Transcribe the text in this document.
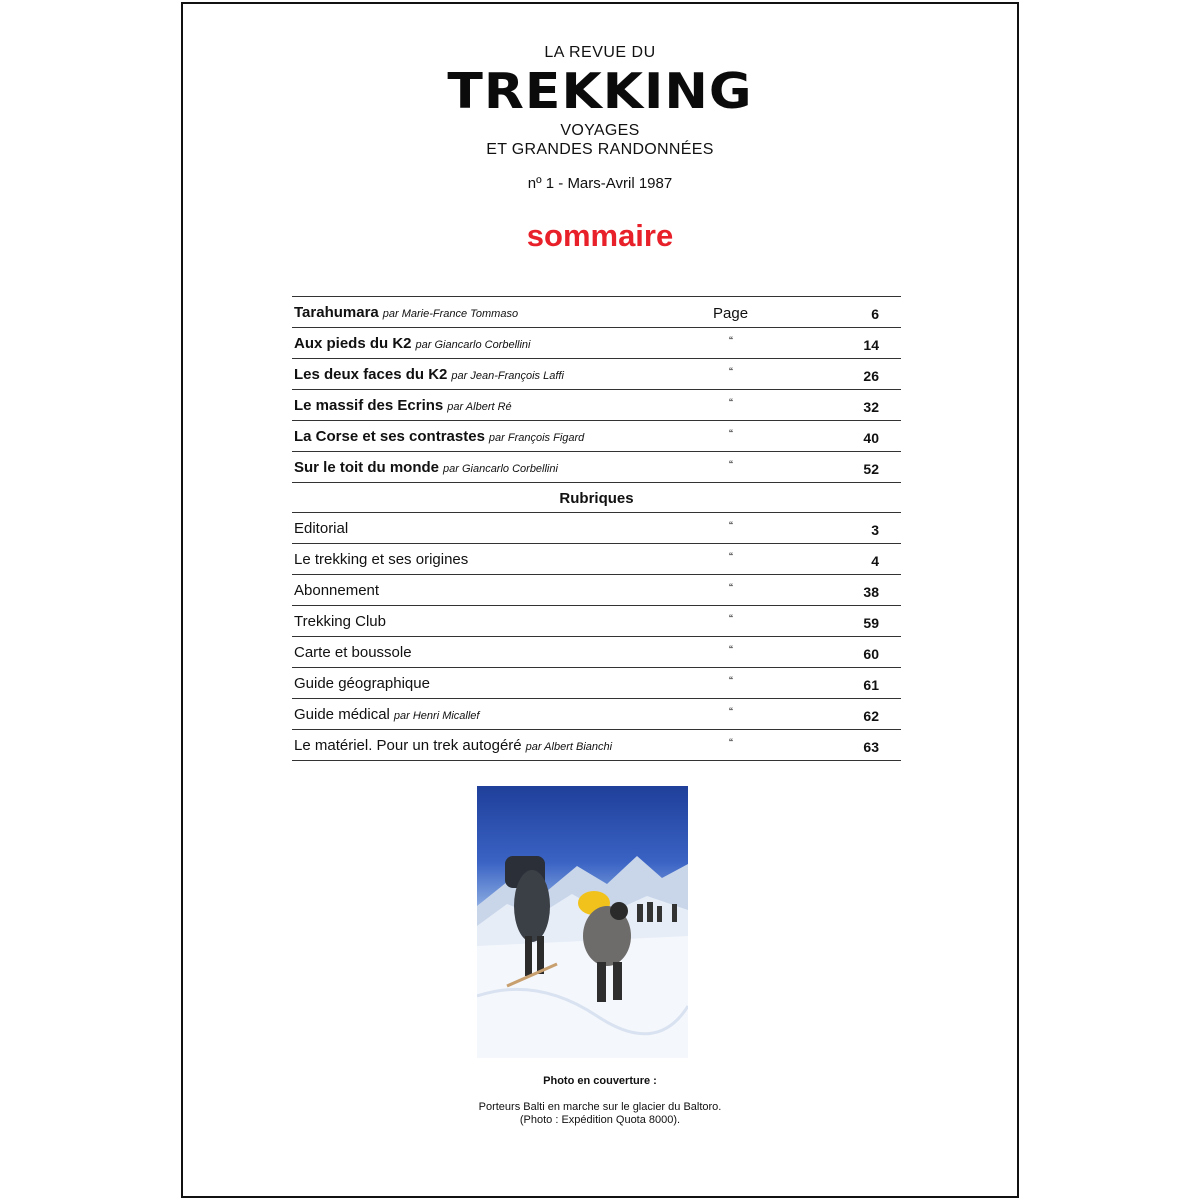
LA REVUE DU
TREKKING
VOYAGES
ET GRANDES RANDONNÉES
nº 1 - Mars-Avril 1987
sommaire
Tarahumara par Marie-France Tommaso	Page	6
Aux pieds du K2 par Giancarlo Corbellini	“	14
Les deux faces du K2 par Jean-François Laffi	“	26
Le massif des Ecrins par Albert Ré	“	32
La Corse et ses contrastes par François Figard	“	40
Sur le toit du monde par Giancarlo Corbellini	“	52
Rubriques
Editorial	“	3
Le trekking et ses origines	“	4
Abonnement	“	38
Trekking Club	“	59
Carte et boussole	“	60
Guide géographique	“	61
Guide médical par Henri Micallef	“	62
Le matériel. Pour un trek autogéré par Albert Bianchi	“	63
Photo en couverture :
Porteurs Balti en marche sur le glacier du Baltoro.
(Photo : Expédition Quota 8000).
